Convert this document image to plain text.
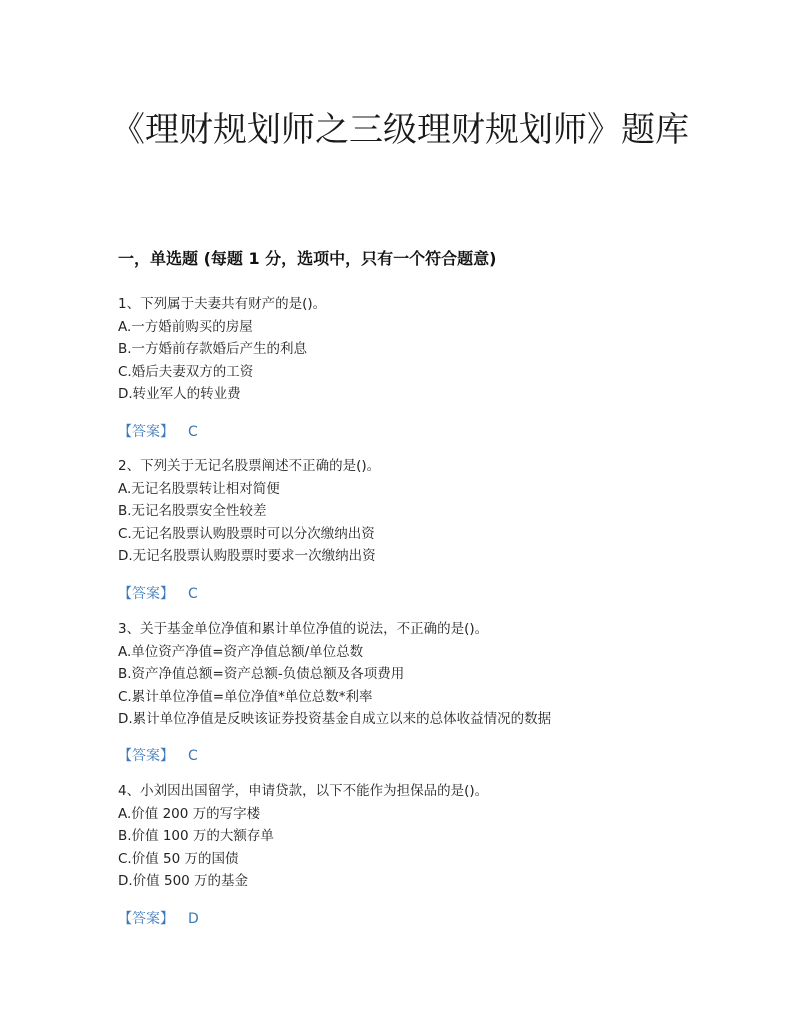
《理财规划师之三级理财规划师》题库
一，单选题 (每题 1 分，选项中，只有一个符合题意)
1、下列属于夫妻共有财产的是()。
A.一方婚前购买的房屋
B.一方婚前存款婚后产生的利息
C.婚后夫妻双方的工资
D.转业军人的转业费
【答案】 C
2、下列关于无记名股票阐述不正确的是()。
A.无记名股票转让相对简便
B.无记名股票安全性较差
C.无记名股票认购股票时可以分次缴纳出资
D.无记名股票认购股票时要求一次缴纳出资
【答案】 C
3、关于基金单位净值和累计单位净值的说法，不正确的是()。
A.单位资产净值=资产净值总额/单位总数
B.资产净值总额=资产总额-负债总额及各项费用
C.累计单位净值=单位净值*单位总数*利率
D.累计单位净值是反映该证券投资基金自成立以来的总体收益情况的数据
【答案】 C
4、小刘因出国留学，申请贷款，以下不能作为担保品的是()。
A.价值 200 万的写字楼
B.价值 100 万的大额存单
C.价值 50 万的国债
D.价值 500 万的基金
【答案】 D
